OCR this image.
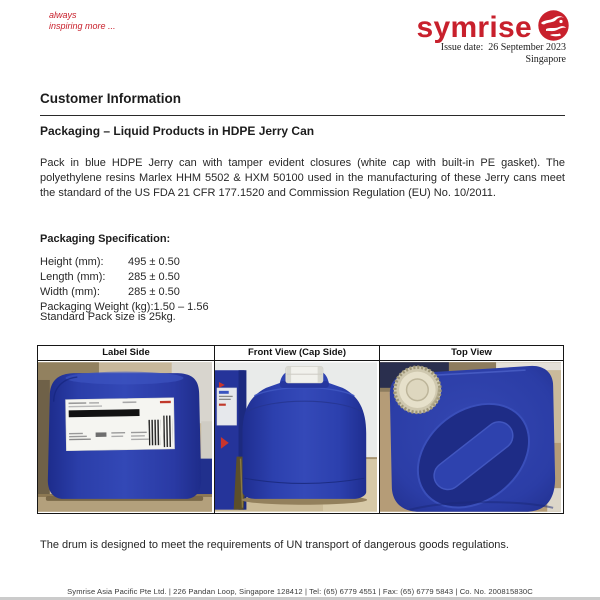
always
inspiring more ...	symrise
Issue date:  26 September 2023
Singapore
Customer Information
Packaging – Liquid Products in HDPE Jerry Can
Pack in blue HDPE Jerry can with tamper evident closures (white cap with built-in PE gasket). The polyethylene resins Marlex HHM 5502 & HXM 50100 used in the manufacturing of these Jerry cans meet the standard of the US FDA 21 CFR 177.1520 and Commission Regulation (EU) No. 10/2011.
Packaging Specification:
Height (mm): 495 ± 0.50
Length (mm): 285 ± 0.50
Width (mm):	285 ± 0.50
Packaging Weight (kg):1.50 – 1.56
Standard Pack size is 25kg.
Label Side	Front View (Cap Side)	Top View

The drum is designed to meet the requirements of UN transport of dangerous goods regulations.
Symrise Asia Pacific Pte Ltd. | 226 Pandan Loop, Singapore 128412 | Tel: (65) 6779 4551 | Fax: (65) 6779 5843 | Co. No. 200815830C
